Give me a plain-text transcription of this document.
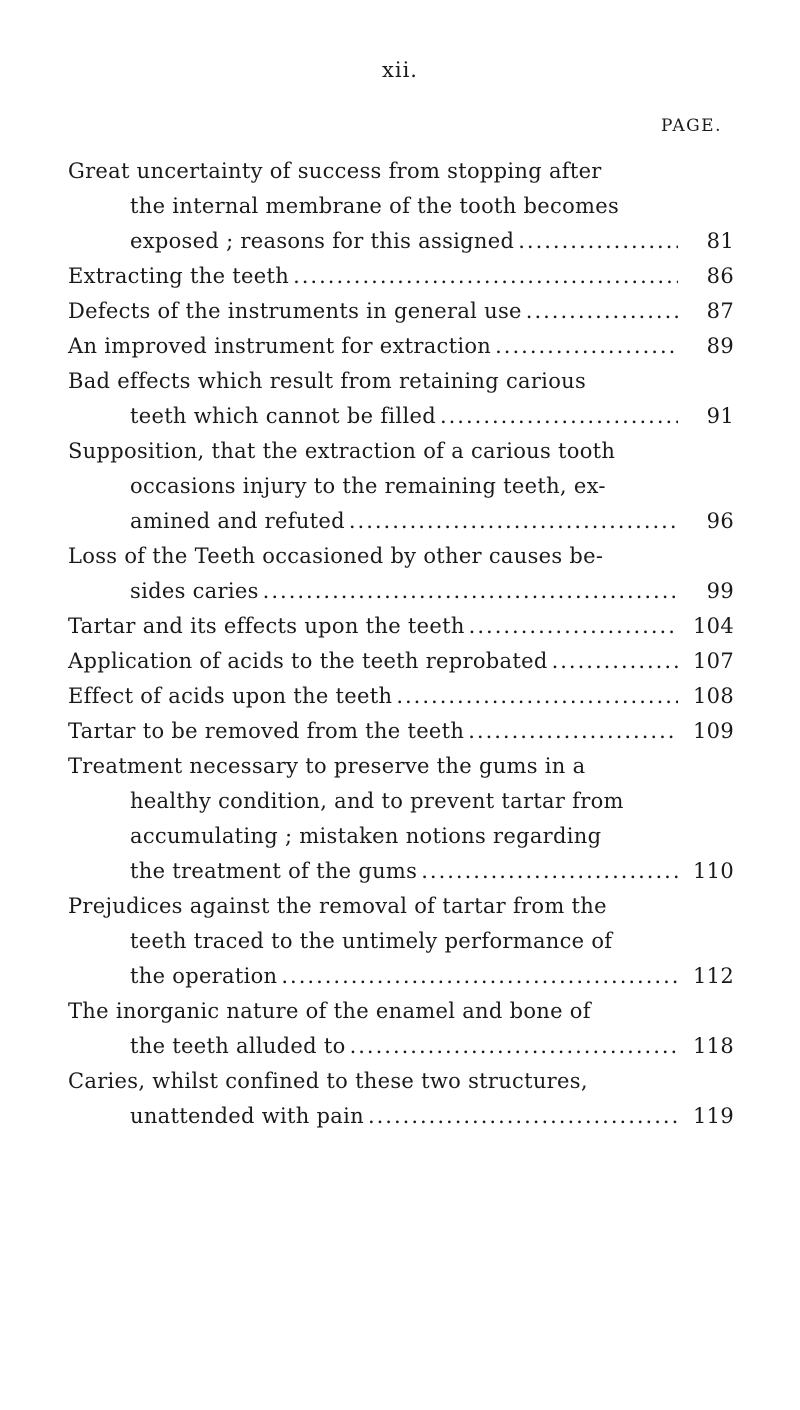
xii.
PAGE.
Great uncertainty of success from stopping after
the internal membrane of the tooth becomes
exposed ; reasons for this assigned .....	81
Extracting the teeth .....	86
Defects of the instruments in general use .....	87
An improved instrument for extraction .....	89
Bad effects which result from retaining carious
teeth which cannot be filled .....	91
Supposition, that the extraction of a carious tooth
occasions injury to the remaining teeth, ex-
amined and refuted .....	96
Loss of the Teeth occasioned by other causes be-
sides caries .....	99
Tartar and its effects upon the teeth .....	104
Application of acids to the teeth reprobated .....	107
Effect of acids upon the teeth .....	108
Tartar to be removed from the teeth .....	109
Treatment necessary to preserve the gums in a
healthy condition, and to prevent tartar from
accumulating ; mistaken notions regarding
the treatment of the gums .....	110
Prejudices against the removal of tartar from the
teeth traced to the untimely performance of
the operation .....	112
The inorganic nature of the enamel and bone of
the teeth alluded to .....	118
Caries, whilst confined to these two structures,
unattended with pain .....	119
